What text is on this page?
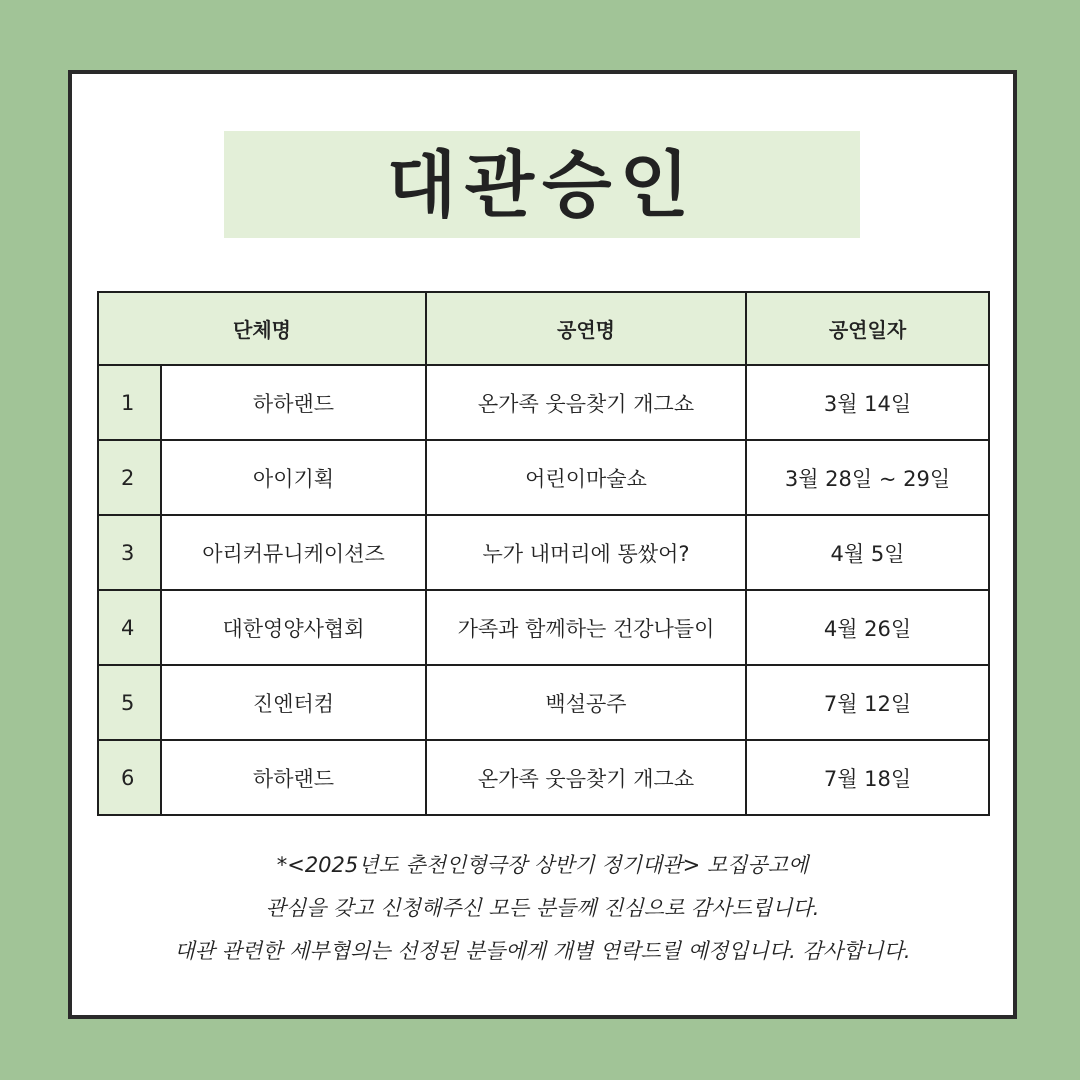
대관승인
단체명		공연명	공연일자
1	하하랜드	온가족 웃음찾기 개그쇼	3월 14일
2	아이기획	어린이마술쇼	3월 28일 ~ 29일
3	아리커뮤니케이션즈	누가 내머리에 똥쌌어?	4월 5일
4	대한영양사협회	가족과 함께하는 건강나들이	4월 26일
5	진엔터컴	백설공주	7월 12일
6	하하랜드	온가족 웃음찾기 개그쇼	7월 18일
*<2025년도 춘천인형극장 상반기 정기대관> 모집공고에
관심을 갖고 신청해주신 모든 분들께 진심으로 감사드립니다.
대관 관련한 세부협의는 선정된 분들에게 개별 연락드릴 예정입니다. 감사합니다.
